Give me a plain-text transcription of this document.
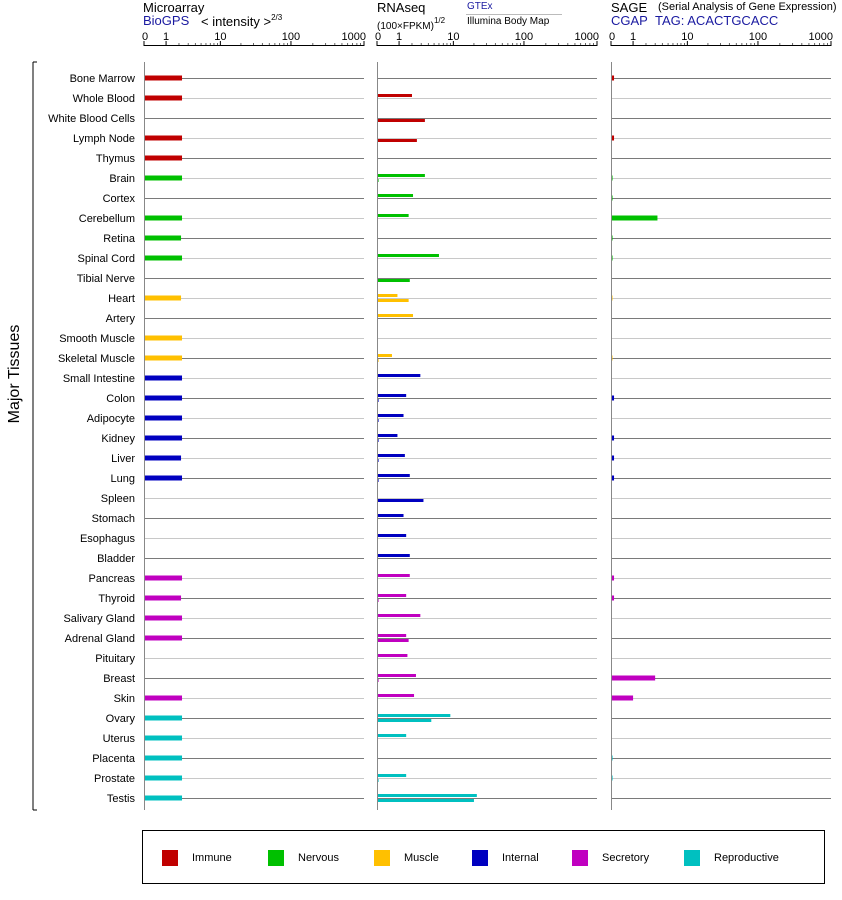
0 1	10	100	1000 0 1	10	100	1000 0 1	10	100	1000
Bone Marrow
Whole Blood
White Blood Cells
Lymph Node
Thymus
Brain
Cortex
Cerebellum
Retina
Spinal Cord
Tibial Nerve
Heart
Artery
Smooth Muscle
Skeletal Muscle
Small Intestine
Colon
Adipocyte
Kidney
Liver
Lung
Spleen
Stomach
Esophagus
Bladder
Pancreas
Thyroid
Salivary Gland
Adrenal Gland
Pituitary
Breast
Skin
Ovary
Uterus
Placenta
Prostate
Testis
Major Tissues
Microarray
BioGPS < intensity >$^{2/3}$
RNAseq
(100×FPKM)$^{1/2}$
GTEx
Illumina Body Map
SAGE (Serial Analysis of Gene Expression)
CGAP TAG: ACACTGCACC
Immune	Nervous	Muscle	Internal	Secretory	Reproductive
